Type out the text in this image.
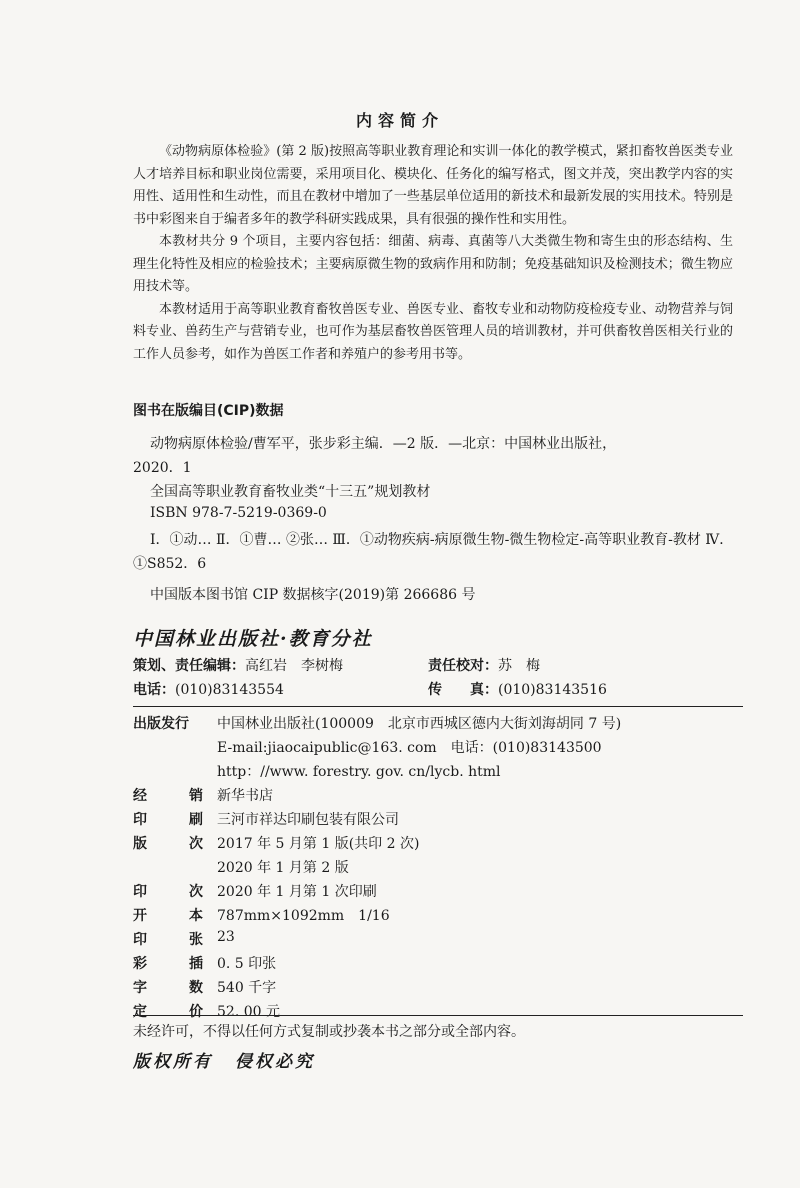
内容简介

《动物病原体检验》(第 2 版)按照高等职业教育理论和实训一体化的教学模式，紧扣畜牧兽医类专业人才培养目标和职业岗位需要，采用项目化、模块化、任务化的编写格式，图文并茂，突出教学内容的实用性、适用性和生动性，而且在教材中增加了一些基层单位适用的新技术和最新发展的实用技术。特别是书中彩图来自于编者多年的教学科研实践成果，具有很强的操作性和实用性。

本教材共分 9 个项目，主要内容包括：细菌、病毒、真菌等八大类微生物和寄生虫的形态结构、生理生化特性及相应的检验技术；主要病原微生物的致病作用和防制；免疫基础知识及检测技术；微生物应用技术等。

本教材适用于高等职业教育畜牧兽医专业、兽医专业、畜牧专业和动物防疫检疫专业、动物营养与饲料专业、兽药生产与营销专业，也可作为基层畜牧兽医管理人员的培训教材，并可供畜牧兽医相关行业的工作人员参考，如作为兽医工作者和养殖户的参考用书等。

图书在版编目(CIP)数据
动物病原体检验/曹军平，张步彩主编．—2 版．—北京：中国林业出版社，
2020．1
全国高等职业教育畜牧业类“十三五”规划教材
ISBN 978-7-5219-0369-0
Ⅰ．①动… Ⅱ．①曹… ②张… Ⅲ．①动物疾病-病原微生物-微生物检定-高等职业教育-教材 Ⅳ．①S852．6
中国版本图书馆 CIP 数据核字(2019)第 266686 号
中国林业出版社·教育分社
策划、责任编辑：高红岩　李树梅	责任校对：苏　梅
电话：(010)83143554	传　　真：(010)83143516
出版发行	中国林业出版社(100009　北京市西城区德内大街刘海胡同 7 号)
E-mail:jiaocaipublic@163. com　电话：(010)83143500
http：//www. forestry. gov. cn/lycb. html
经	销 新华书店
印	刷 三河市祥达印刷包装有限公司
版	次 2017 年 5 月第 1 版(共印 2 次)
2020 年 1 月第 2 版
印	次 2020 年 1 月第 1 次印刷
开	本 787mm×1092mm　1/16
印	张 23
彩	插 0. 5 印张
字	数 540 千字
定	价 52. 00 元
未经许可，不得以任何方式复制或抄袭本书之部分或全部内容。
版权所有 侵权必究
